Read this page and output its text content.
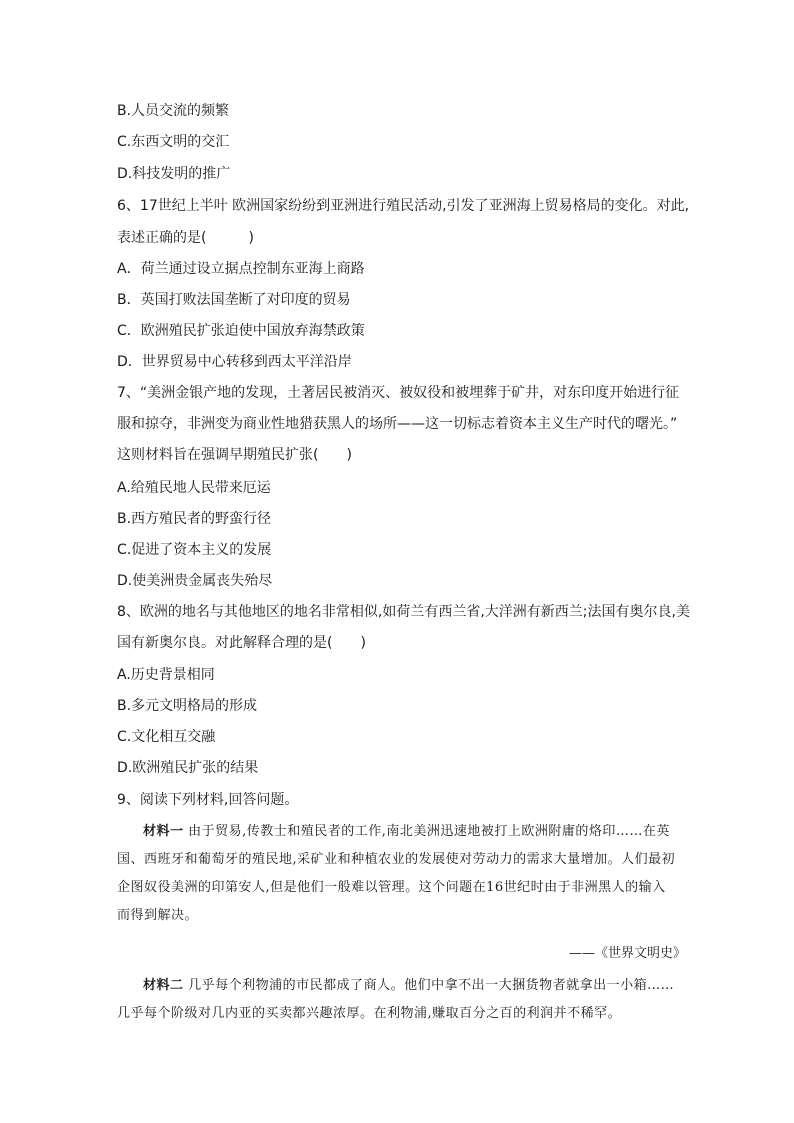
B.人员交流的频繁
C.东西文明的交汇
D.科技发明的推广
6、17世纪上半叶 欧洲国家纷纷到亚洲进行殖民活动,引发了亚洲海上贸易格局的变化。对此,
表述正确的是(　　　)
A．荷兰通过设立据点控制东亚海上商路
B．英国打败法国垄断了对印度的贸易
C．欧洲殖民扩张迫使中国放弃海禁政策
D．世界贸易中心转移到西太平洋沿岸
7、“美洲金银产地的发现，土著居民被消灭、被奴役和被埋葬于矿井，对东印度开始进行征
服和掠夺，非洲变为商业性地猎获黑人的场所——这一切标志着资本主义生产时代的曙光。”
这则材料旨在强调早期殖民扩张(　　)
A.给殖民地人民带来厄运
B.西方殖民者的野蛮行径
C.促进了资本主义的发展
D.使美洲贵金属丧失殆尽
8、欧洲的地名与其他地区的地名非常相似,如荷兰有西兰省,大洋洲有新西兰;法国有奥尔良,美
国有新奥尔良。对此解释合理的是(　　)
A.历史背景相同
B.多元文明格局的形成
C.文化相互交融
D.欧洲殖民扩张的结果
9、阅读下列材料,回答问题。
材料一 由于贸易,传教士和殖民者的工作,南北美洲迅速地被打上欧洲附庸的烙印……在英国、西班牙和葡萄牙的殖民地,采矿业和种植农业的发展使对劳动力的需求大量增加。人们最初企图奴役美洲的印第安人,但是他们一般难以管理。这个问题在16世纪时由于非洲黑人的输入而得到解决。
——《世界文明史》
材料二 几乎每个利物浦的市民都成了商人。他们中拿不出一大捆货物者就拿出一小箱……几乎每个阶级对几内亚的买卖都兴趣浓厚。在利物浦,赚取百分之百的利润并不稀罕。
